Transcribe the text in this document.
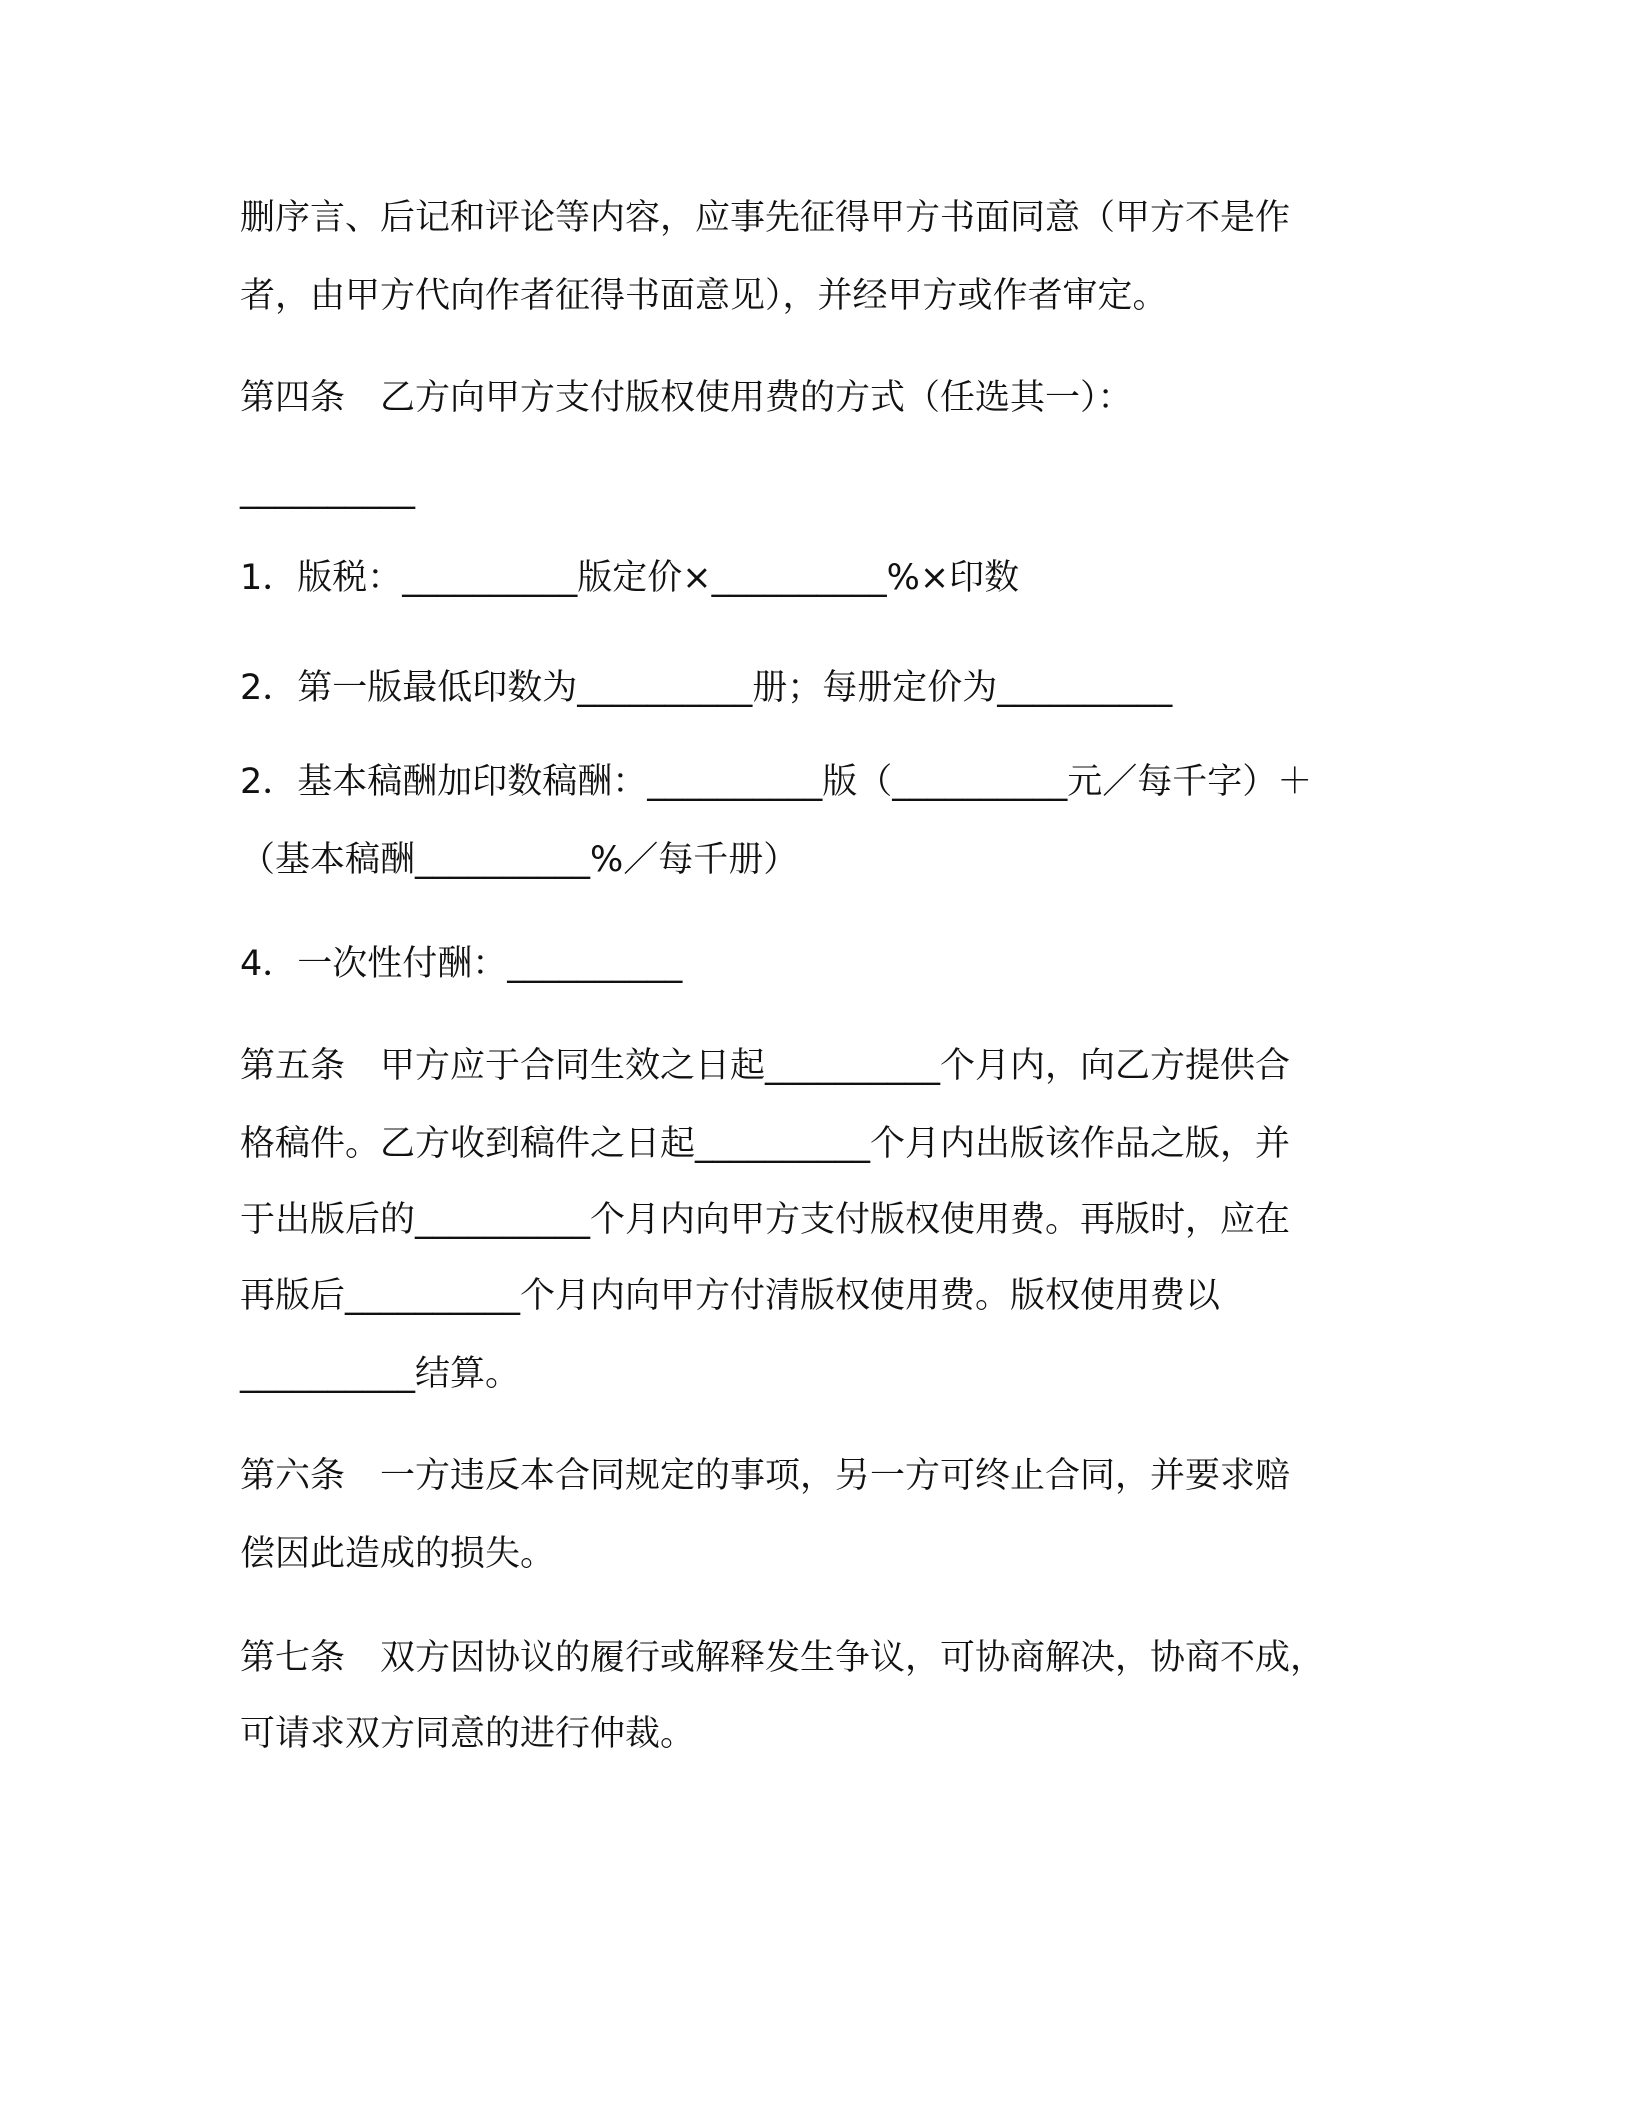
删序言、后记和评论等内容，应事先征得甲方书面同意（甲方不是作
者，由甲方代向作者征得书面意见），并经甲方或作者审定。
第四条　乙方向甲方支付版权使用费的方式（任选其一）：
__________
1．版税：__________版定价×__________%×印数
2．第一版最低印数为__________册；每册定价为__________
2．基本稿酬加印数稿酬：__________版（__________元／每千字）＋
（基本稿酬__________%／每千册）
4．一次性付酬：__________
第五条　甲方应于合同生效之日起__________个月内，向乙方提供合
格稿件。乙方收到稿件之日起__________个月内出版该作品之版，并
于出版后的__________个月内向甲方支付版权使用费。再版时，应在
再版后__________个月内向甲方付清版权使用费。版权使用费以
__________结算。
第六条　一方违反本合同规定的事项，另一方可终止合同，并要求赔
偿因此造成的损失。
第七条　双方因协议的履行或解释发生争议，可协商解决，协商不成，
可请求双方同意的进行仲裁。
